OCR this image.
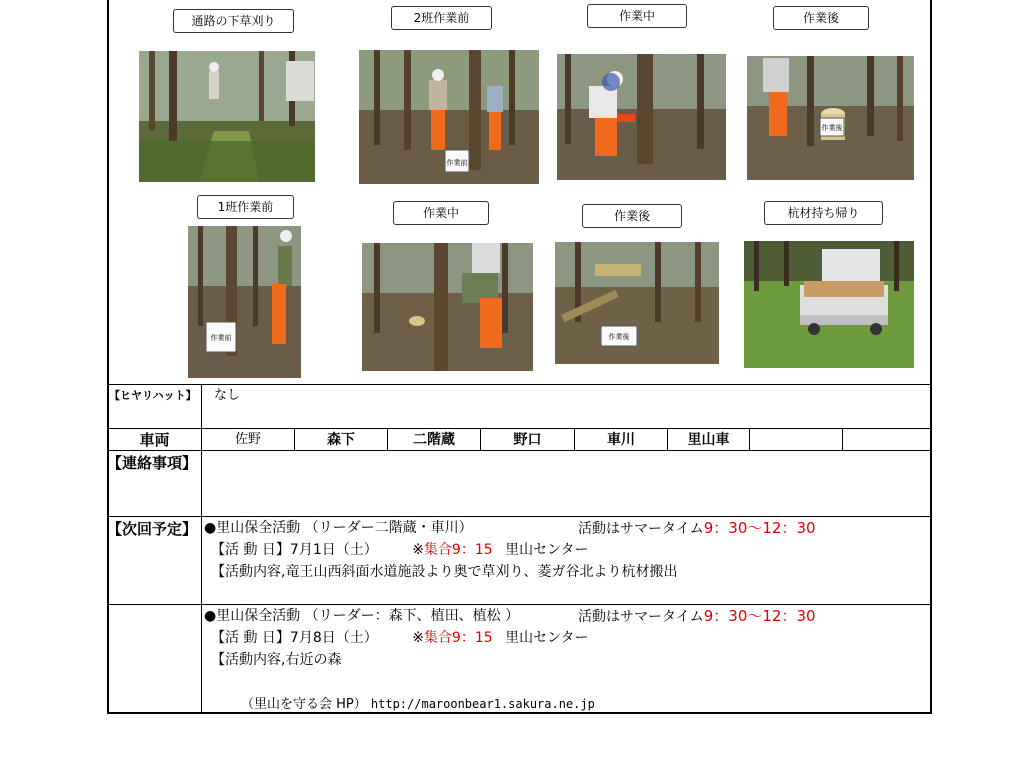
通路の下草刈り	2班作業前	作業中	作業後
作業前
作業後
1班作業前	作業中	作業後	杭材持ち帰り
作業前	作業後
【ヒヤリハット】 なし
車両	佐野	森下	二階蔵	野口	車川	里山車
【連絡事項】
【次回予定】 ●里山保全活動 （リーダー二階蔵・車川）	活動はサマータイム9：30～12：30
【活 動 日】7月1日（土） ※集合9：15 里山センター
【活動内容,竜王山西斜面水道施設より奥で草刈り、菱ガ谷北より杭材搬出
●里山保全活動 （リーダー：森下、植田、植松 ）	活動はサマータイム9：30～12：30
【活 動 日】7月8日（土） ※集合9：15 里山センター
【活動内容,右近の森
（里山を守る会 HP） http://maroonbear1.sakura.ne.jp
